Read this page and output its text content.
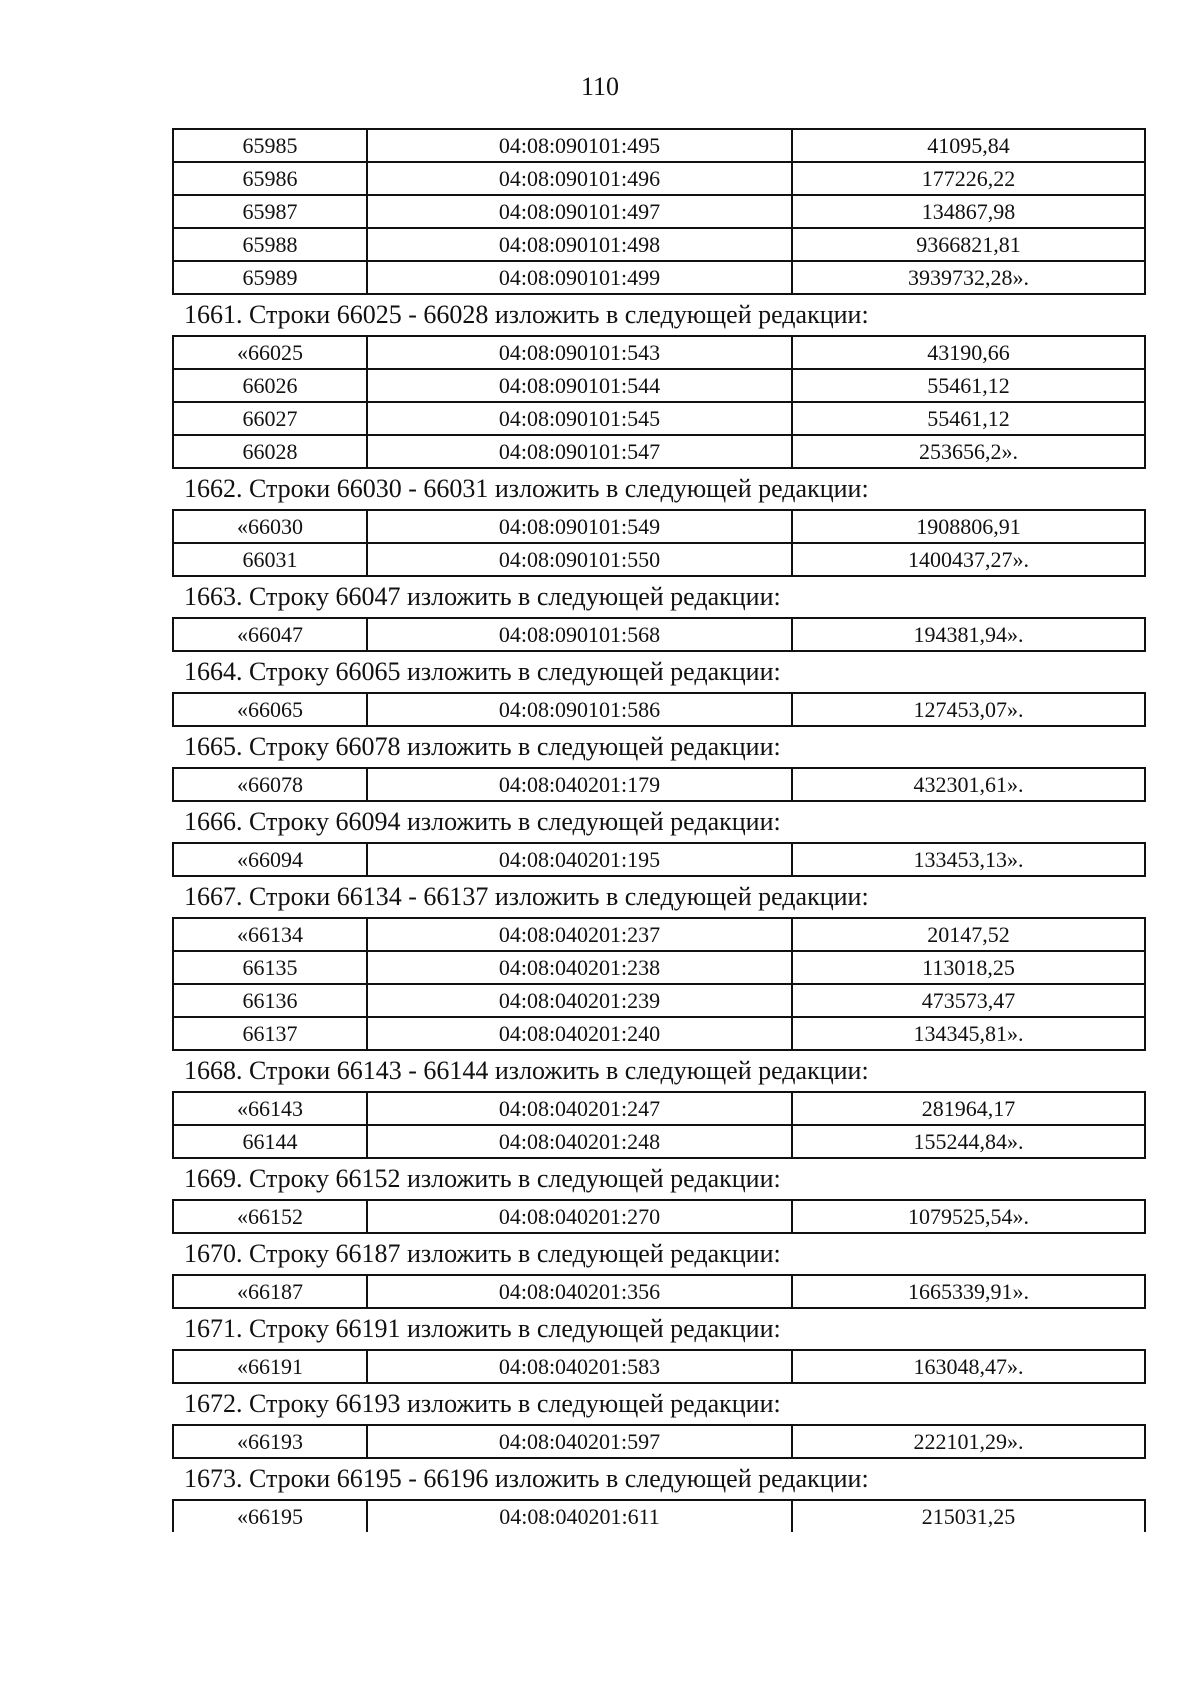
110
65985	04:08:090101:495	41095,84
65986	04:08:090101:496	177226,22
65987	04:08:090101:497	134867,98
65988	04:08:090101:498	9366821,81
65989	04:08:090101:499	3939732,28».
1661. Строки 66025 - 66028 изложить в следующей редакции:
«66025	04:08:090101:543	43190,66
66026	04:08:090101:544	55461,12
66027	04:08:090101:545	55461,12
66028	04:08:090101:547	253656,2».
1662. Строки 66030 - 66031 изложить в следующей редакции:
«66030	04:08:090101:549	1908806,91
66031	04:08:090101:550	1400437,27».
1663. Строку 66047 изложить в следующей редакции:
«66047	04:08:090101:568	194381,94».
1664. Строку 66065 изложить в следующей редакции:
«66065	04:08:090101:586	127453,07».
1665. Строку 66078 изложить в следующей редакции:
«66078	04:08:040201:179	432301,61».
1666. Строку 66094 изложить в следующей редакции:
«66094	04:08:040201:195	133453,13».
1667. Строки 66134 - 66137 изложить в следующей редакции:
«66134	04:08:040201:237	20147,52
66135	04:08:040201:238	113018,25
66136	04:08:040201:239	473573,47
66137	04:08:040201:240	134345,81».
1668. Строки 66143 - 66144 изложить в следующей редакции:
«66143	04:08:040201:247	281964,17
66144	04:08:040201:248	155244,84».
1669. Строку 66152 изложить в следующей редакции:
«66152	04:08:040201:270	1079525,54».
1670. Строку 66187 изложить в следующей редакции:
«66187	04:08:040201:356	1665339,91».
1671. Строку 66191 изложить в следующей редакции:
«66191	04:08:040201:583	163048,47».
1672. Строку 66193 изложить в следующей редакции:
«66193	04:08:040201:597	222101,29».
1673. Строки 66195 - 66196 изложить в следующей редакции:
«66195	04:08:040201:611	215031,25
